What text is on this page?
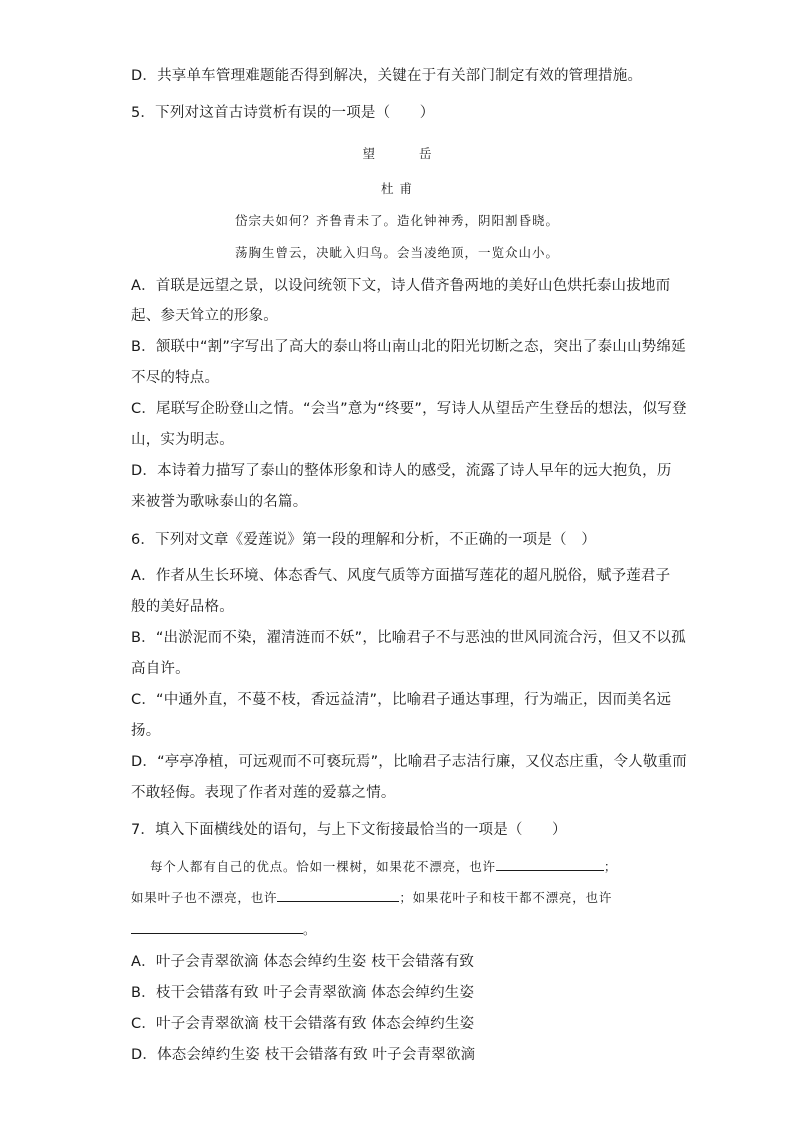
D．共享单车管理难题能否得到解决，关键在于有关部门制定有效的管理措施。
5．下列对这首古诗赏析有误的一项是（　　）
望	岳
杜 甫
岱宗夫如何？齐鲁青未了。造化钟神秀，阴阳割昏晓。
荡胸生曾云，决眦入归鸟。会当凌绝顶，一览众山小。
A．首联是远望之景，以设问统领下文，诗人借齐鲁两地的美好山色烘托泰山拔地而
起、参天耸立的形象。
B．颔联中“割”字写出了高大的泰山将山南山北的阳光切断之态，突出了泰山山势绵延
不尽的特点。
C．尾联写企盼登山之情。“会当”意为“终要”，写诗人从望岳产生登岳的想法，似写登
山，实为明志。
D．本诗着力描写了泰山的整体形象和诗人的感受，流露了诗人早年的远大抱负，历
来被誉为歌咏泰山的名篇。
6．下列对文章《爱莲说》第一段的理解和分析，不正确的一项是（　）
A．作者从生长环境、体态香气、风度气质等方面描写莲花的超凡脱俗，赋予莲君子
般的美好品格。
B．“出淤泥而不染，濯清涟而不妖”，比喻君子不与恶浊的世风同流合污，但又不以孤
高自许。
C．“中通外直，不蔓不枝，香远益清”，比喻君子通达事理，行为端正，因而美名远
扬。
D．“亭亭净植，可远观而不可亵玩焉”，比喻君子志洁行廉，又仪态庄重，令人敬重而
不敢轻侮。表现了作者对莲的爱慕之情。
7．填入下面横线处的语句，与上下文衔接最恰当的一项是（　　）
每个人都有自己的优点。恰如一棵树，如果花不漂亮，也许	；
如果叶子也不漂亮，也许	；如果花叶子和枝干都不漂亮，也许
。
A．叶子会青翠欲滴 体态会绰约生姿 枝干会错落有致
B．枝干会错落有致 叶子会青翠欲滴 体态会绰约生姿
C．叶子会青翠欲滴 枝干会错落有致 体态会绰约生姿
D．体态会绰约生姿 枝干会错落有致 叶子会青翠欲滴
